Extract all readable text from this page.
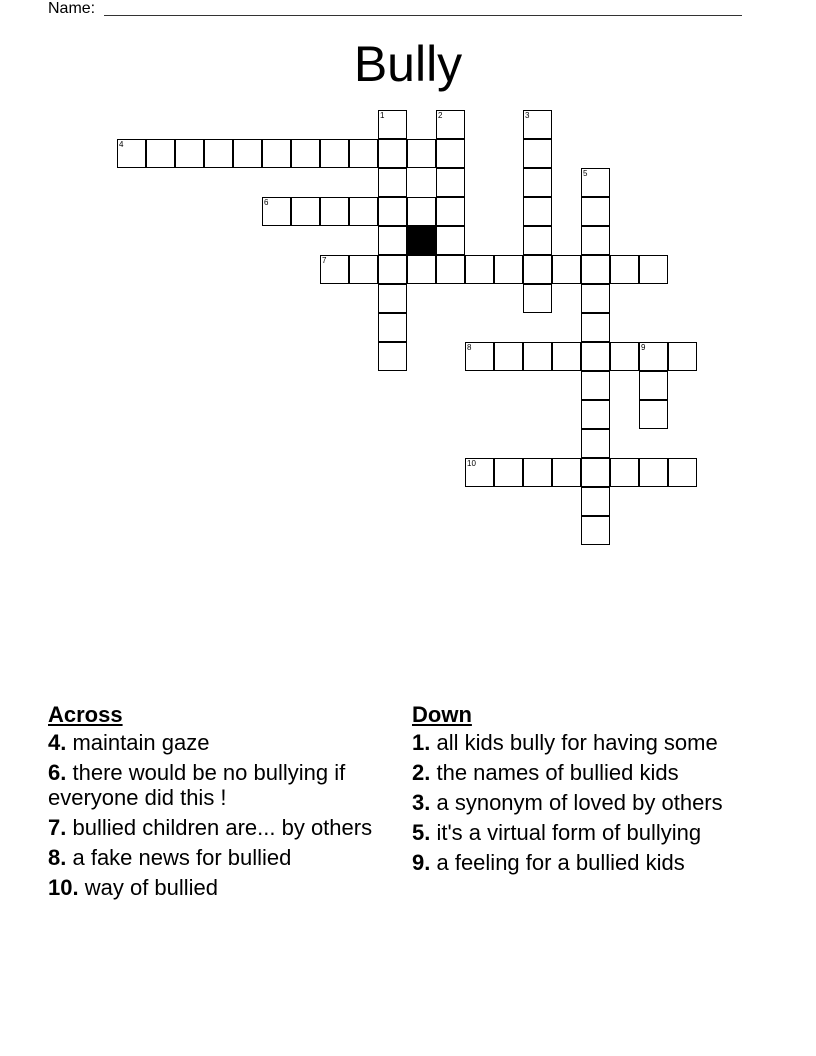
Name:
Bully
4
6
7
8	9
10
1	2	3
5
Across
4. maintain gaze
6. there would be no bullying if everyone did this !
7. bullied children are... by others
8. a fake news for bullied
10. way of bullied
Down
1. all kids bully for having some
2. the names of bullied kids
3. a synonym of loved by others
5. it's a virtual form of bullying
9. a feeling for a bullied kids
